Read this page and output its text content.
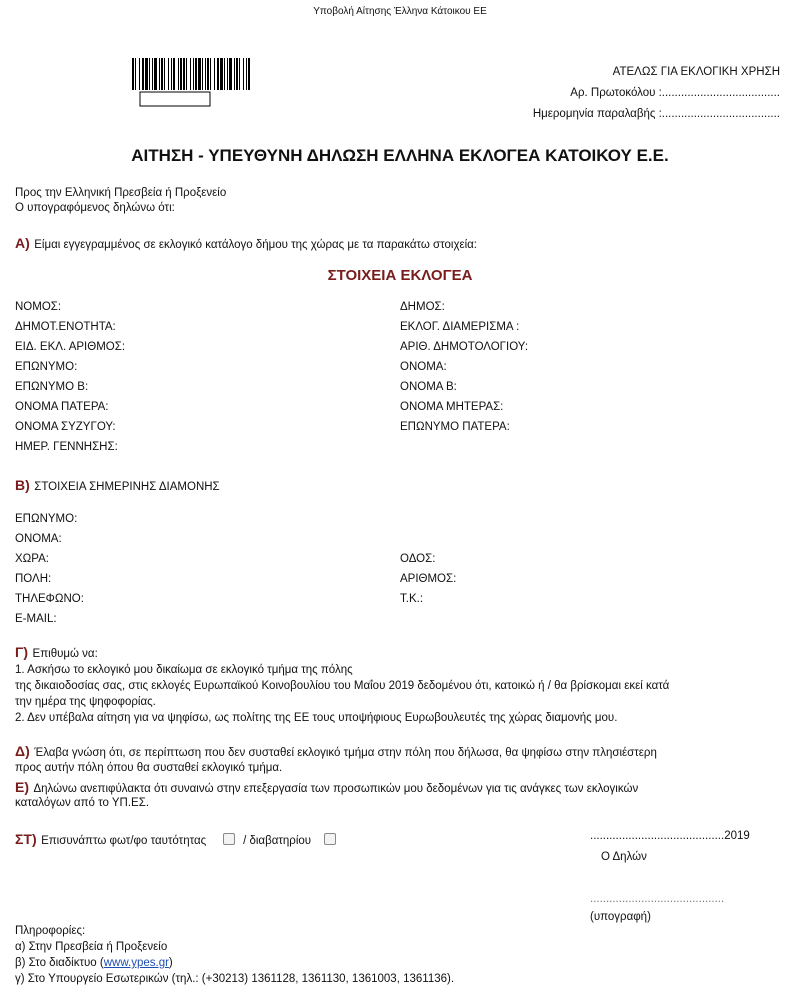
Υποβολή Αίτησης Έλληνα Κάτοικου ΕΕ
ΑΤΕΛΩΣ ΓΙΑ ΕΚΛΟΓΙΚΗ ΧΡΗΣΗ
Αρ. Πρωτοκόλου :.....................................
Ημερομηνία παραλαβής :.....................................
ΑΙΤΗΣΗ - ΥΠΕΥΘΥΝΗ ΔΗΛΩΣΗ ΕΛΛΗΝΑ ΕΚΛΟΓΕΑ ΚΑΤΟΙΚΟΥ Ε.Ε.
Προς την Ελληνική Πρεσβεία ή Προξενείο
Ο υπογραφόμενος δηλώνω ότι:
Α) Είμαι εγγεγραμμένος σε εκλογικό κατάλογο δήμου της χώρας με τα παρακάτω στοιχεία:
ΣΤΟΙΧΕΙΑ ΕΚΛΟΓΕΑ
ΝΟΜΟΣ:
ΔΗΜΟΤ.ΕΝΟΤΗΤΑ:
ΕΙΔ. ΕΚΛ. ΑΡΙΘΜΟΣ:
ΕΠΩΝΥΜΟ:
ΕΠΩΝΥΜΟ Β:
ΟΝΟΜΑ ΠΑΤΕΡΑ:
ΟΝΟΜΑ ΣΥΖΥΓΟΥ:
ΗΜΕΡ. ΓΕΝΝΗΣΗΣ:
ΔΗΜΟΣ:
ΕΚΛΟΓ. ΔΙΑΜΕΡΙΣΜΑ :
ΑΡΙΘ. ΔΗΜΟΤΟΛΟΓΙΟΥ:
ΟΝΟΜΑ:
ΟΝΟΜΑ Β:
ΟΝΟΜΑ ΜΗΤΕΡΑΣ:
ΕΠΩΝΥΜΟ ΠΑΤΕΡΑ:
Β) ΣΤΟΙΧΕΙΑ ΣΗΜΕΡΙΝΗΣ ΔΙΑΜΟΝΗΣ
ΕΠΩΝΥΜΟ:
ΟΝΟΜΑ:
ΧΩΡΑ:
ΠΟΛΗ:
ΤΗΛΕΦΩΝΟ:
E-MAIL:
ΟΔΟΣ:
ΑΡΙΘΜΟΣ:
Τ.Κ.:
Γ) Επιθυμώ να:
1. Ασκήσω το εκλογικό μου δικαίωμα σε εκλογικό τμήμα της πόλης
της δικαιοδοσίας σας, στις εκλογές Ευρωπαϊκού Κοινοβουλίου του Μαΐου 2019 δεδομένου ότι, κατοικώ ή / θα βρίσκομαι εκεί κατά
την ημέρα της ψηφοφορίας.
2. Δεν υπέβαλα αίτηση για να ψηφίσω, ως πολίτης της ΕΕ τους υποψήφιους Ευρωβουλευτές της χώρας διαμονής μου.
Δ) Έλαβα γνώση ότι, σε περίπτωση που δεν συσταθεί εκλογικό τμήμα στην πόλη που δήλωσα, θα ψηφίσω στην πλησιέστερη
προς αυτήν πόλη όπου θα συσταθεί εκλογικό τμήμα.
Ε) Δηλώνω ανεπιφύλακτα ότι συναινώ στην επεξεργασία των προσωπικών μου δεδομένων για τις ανάγκες των εκλογικών
καταλόγων από το ΥΠ.ΕΣ.
ΣΤ) Επισυνάπτω φωτ/φο ταυτότητας	/ διαβατηρίου	..........................................2019
Ο Δηλών
..........................................
(υπογραφή)
Πληροφορίες:
α) Στην Πρεσβεία ή Προξενείο
β) Στο διαδίκτυο (www.ypes.gr)
γ) Στο Υπουργείο Εσωτερικών (τηλ.: (+30213) 1361128, 1361130, 1361003, 1361136).
